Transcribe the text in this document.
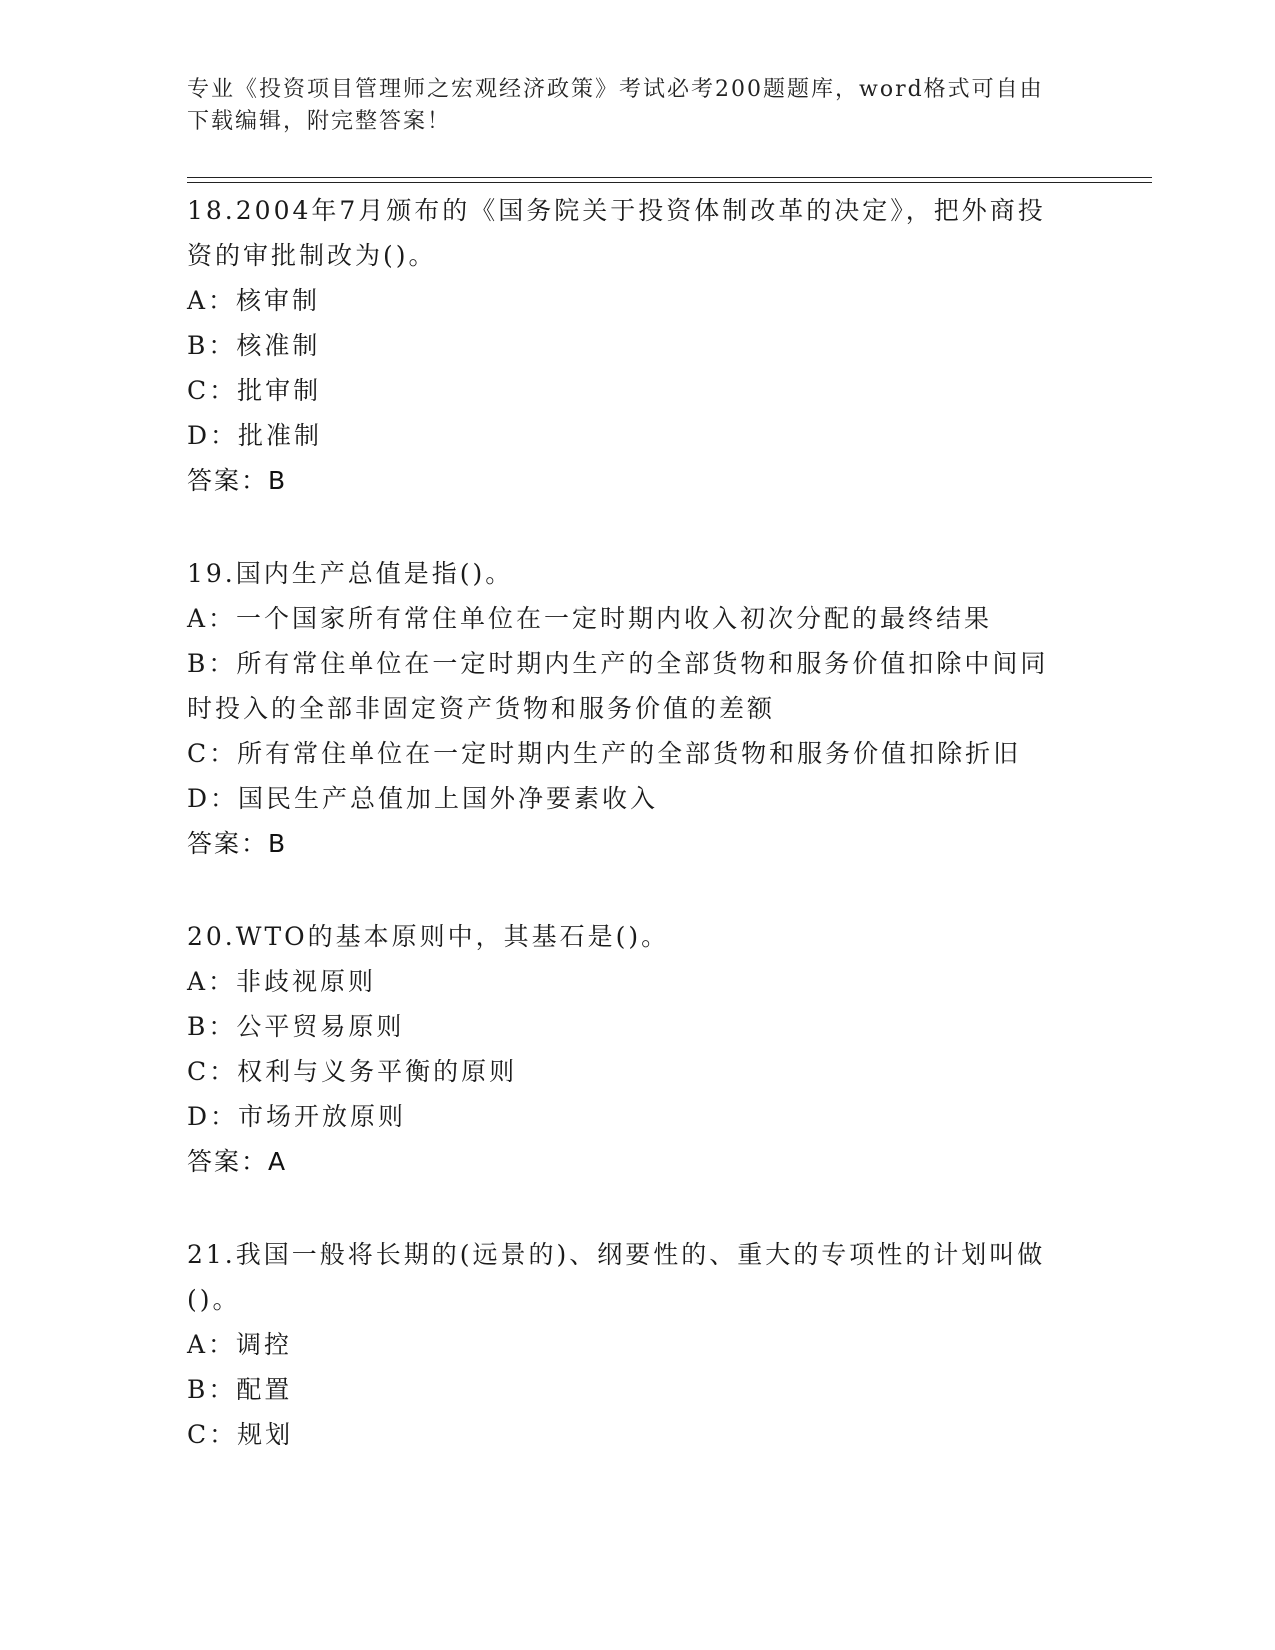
专业《投资项目管理师之宏观经济政策》考试必考200题题库，word格式可自由下载编辑，附完整答案！
18.2004年7月颁布的《国务院关于投资体制改革的决定》，把外商投资的审批制改为()。
A：核审制
B：核准制
C：批审制
D：批准制
答案：B
19.国内生产总值是指()。
A：一个国家所有常住单位在一定时期内收入初次分配的最终结果
B：所有常住单位在一定时期内生产的全部货物和服务价值扣除中间同时投入的全部非固定资产货物和服务价值的差额
C：所有常住单位在一定时期内生产的全部货物和服务价值扣除折旧
D：国民生产总值加上国外净要素收入
答案：B
20.WTO的基本原则中，其基石是()。
A：非歧视原则
B：公平贸易原则
C：权利与义务平衡的原则
D：市场开放原则
答案：A
21.我国一般将长期的(远景的)、纲要性的、重大的专项性的计划叫做()。
A：调控
B：配置
C：规划
